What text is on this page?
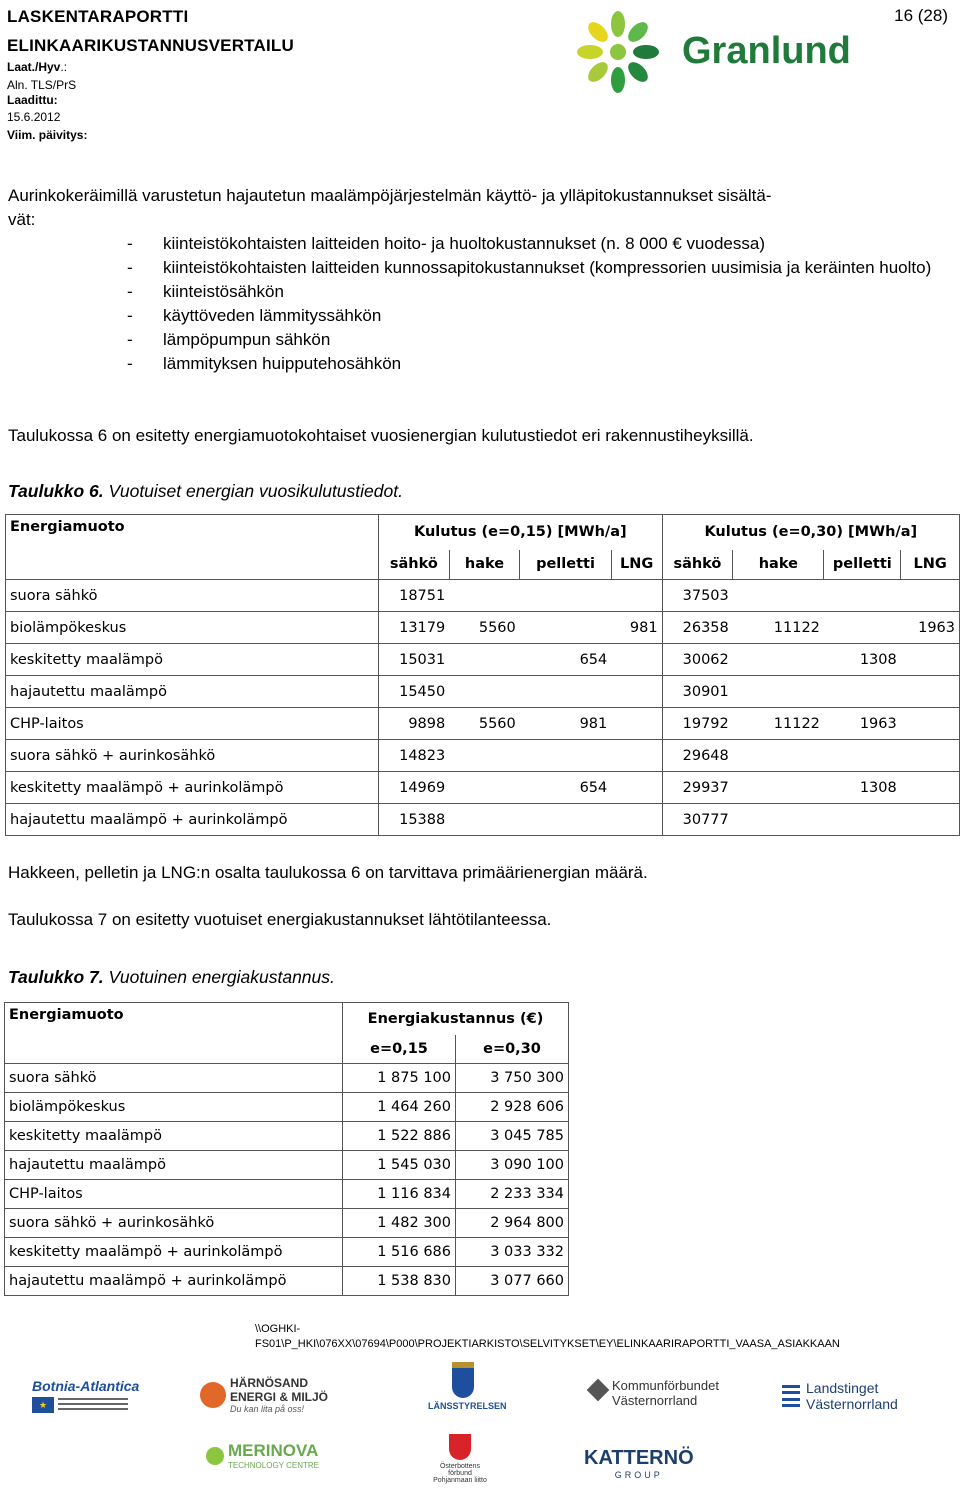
LASKENTARAPORTTI
ELINKAARIKUSTANNUSVERTAILU
Laat./Hyv.:
Aln. TLS/PrS
Laadittu:
15.6.2012
Viim. päivitys:
16 (28)
Granlund
Aurinkokeräimillä varustetun hajautetun maalämpöjärjestelmän käyttö- ja ylläpitokustannukset sisältä-
vät:
- kiinteistökohtaisten laitteiden hoito- ja huoltokustannukset (n. 8 000 € vuodessa)
- kiinteistökohtaisten laitteiden kunnossapitokustannukset (kompressorien uusimisia ja keräinten huolto)
- kiinteistösähkön
- käyttöveden lämmityssähkön
- lämpöpumpun sähkön
- lämmityksen huipputehosähkön
Taulukossa 6 on esitetty energiamuotokohtaiset vuosienergian kulutustiedot eri rakennustiheyksillä.
Taulukko 6. Vuotuiset energian vuosikulutustiedot.
Energiamuoto	Kulutus (e=0,15) [MWh/a]				Kulutus (e=0,30) [MWh/a]			
	sähkö	hake	pelletti	LNG	sähkö	hake	pelletti	LNG
suora sähkö	18751				37503			
biolämpökeskus	13179	5560		981	26358	11122		1963
keskitetty maalämpö	15031		654		30062		1308	
hajautettu maalämpö	15450				30901			
CHP-laitos	9898	5560	981		19792	11122	1963	
suora sähkö + aurinkosähkö	14823				29648			
keskitetty maalämpö + aurinkolämpö	14969		654		29937		1308	
hajautettu maalämpö + aurinkolämpö	15388				30777			
Hakkeen, pelletin ja LNG:n osalta taulukossa 6 on tarvittava primäärienergian määrä.
Taulukossa 7 on esitetty vuotuiset energiakustannukset lähtötilanteessa.
Taulukko 7. Vuotuinen energiakustannus.
Energiamuoto	Energiakustannus (€)	
	e=0,15	e=0,30
suora sähkö	1 875 100	3 750 300
biolämpökeskus	1 464 260	2 928 606
keskitetty maalämpö	1 522 886	3 045 785
hajautettu maalämpö	1 545 030	3 090 100
CHP-laitos	1 116 834	2 233 334
suora sähkö + aurinkosähkö	1 482 300	2 964 800
keskitetty maalämpö + aurinkolämpö	1 516 686	3 033 332
hajautettu maalämpö + aurinkolämpö	1 538 830	3 077 660
\\OGHKI-
FS01\P_HKI\076XX\07694\P000\PROJEKTIARKISTO\SELVITYKSET\EY\ELINKAARIRAPORTTI_VAASA_ASIAKKAAN
Botnia-Atlantica
★
HÄRNÖSAND
ENERGI & MILJÖ
Du kan lita på oss!	LÄNSSTYRELSEN
Kommunförbundet
Västernorrland
Landstinget
Västernorrland
MERINOVA
TECHNOLOGY CENTRE	Österbottens förbund
Pohjanmaan liitto
KATTERNÖ
GROUP
